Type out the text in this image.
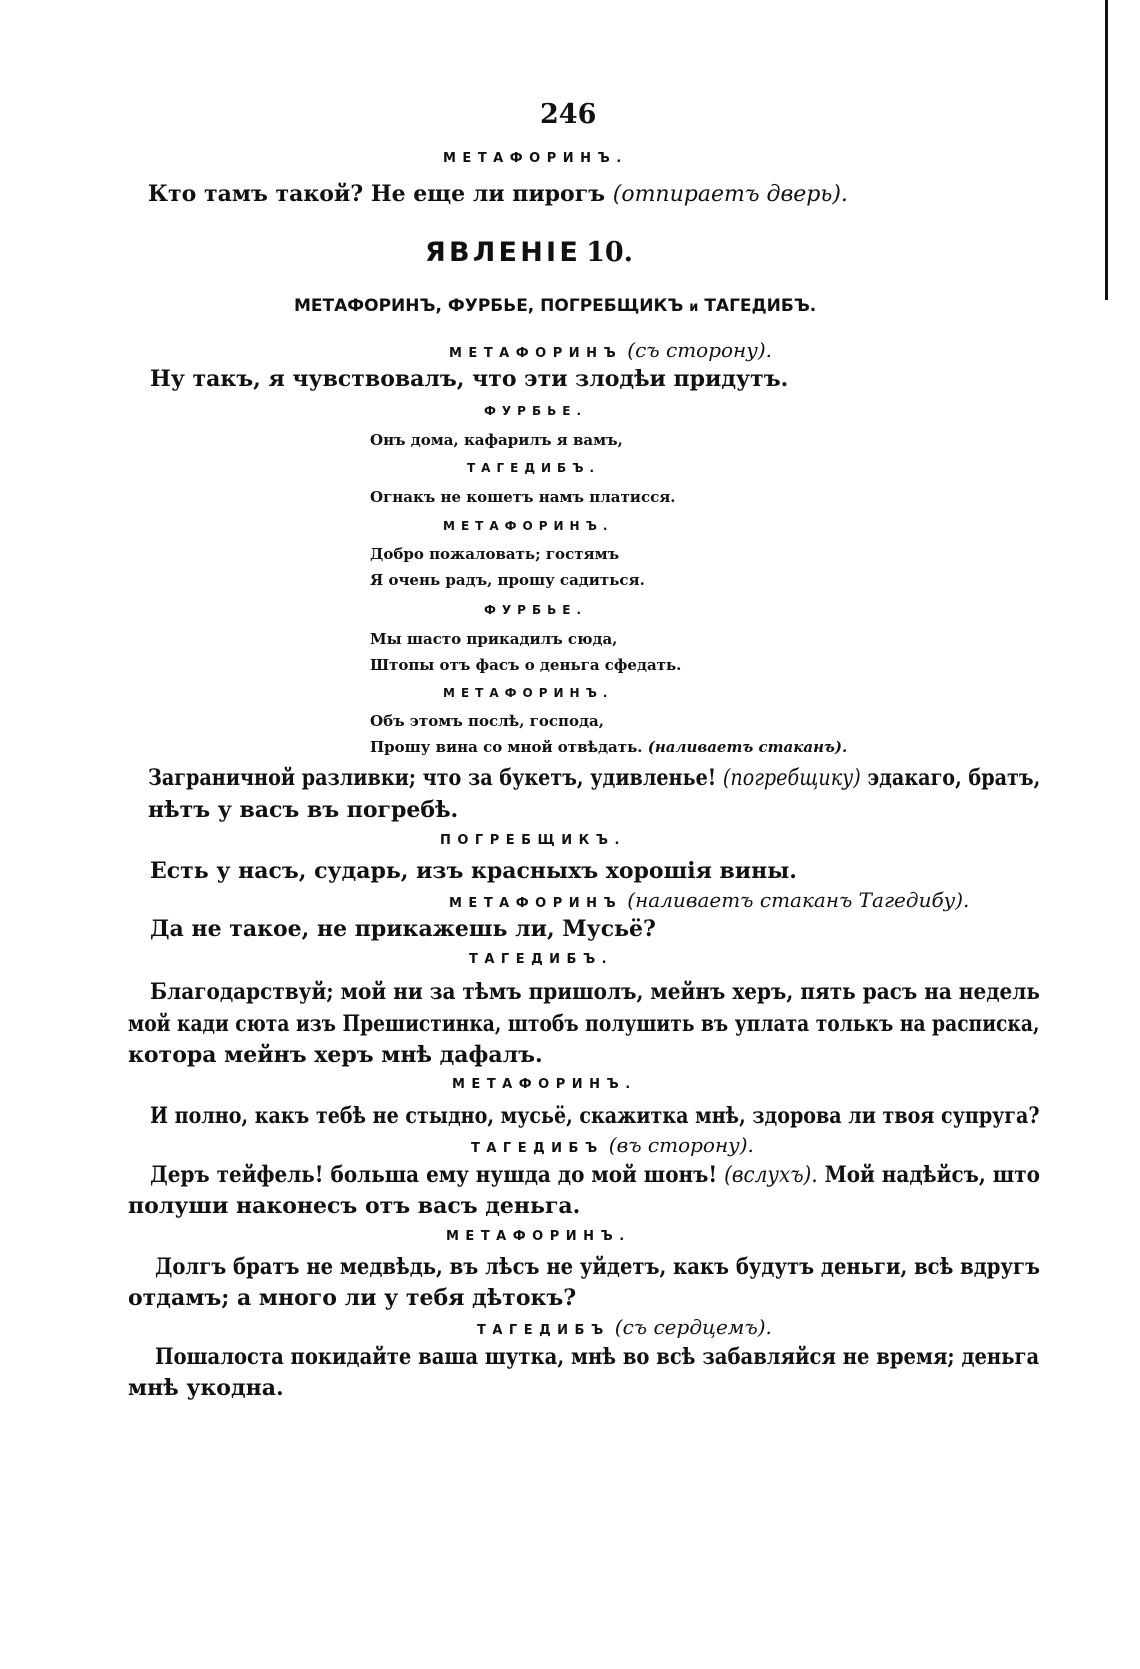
246
МЕТАФОРИНЪ.
Кто тамъ такой? Не еще ли пирогъ (отпираетъ дверь).
ЯВЛЕНІЕ 10.
МЕТАФОРИНЪ, ФУРБЬЕ, ПОГРЕБЩИКЪ и ТАГЕДИБЪ.
МЕТАФОРИНЪ (съ сторону).
Ну такъ, я чувствовалъ, что эти злодѣи придутъ.
ФУРБЬЕ.
Онъ дома, кафарилъ я вамъ,
ТАГЕДИБЪ.
Огнакъ не кошетъ намъ платисся.
МЕТАФОРИНЪ.
Добро пожаловать; гостямъ
Я очень радъ, прошу садиться.
ФУРБЬЕ.
Мы шасто прикадилъ сюда,
Штопы отъ фасъ о деньга сфедать.
МЕТАФОРИНЪ.
Объ этомъ послѣ, господа,
Прошу вина со мной отвѣдать. (наливаетъ стаканъ).
Заграничной разливки; что за букетъ, удивленье! (погребщику) эдакаго, братъ,
нѣтъ у васъ въ погребѣ.
ПОГРЕБЩИКЪ.
Есть у насъ, сударь, изъ красныхъ хорошія вины.
МЕТАФОРИНЪ (наливаетъ стаканъ Тагедибу).
Да не такое, не прикажешь ли, Мусьё?
ТАГЕДИБЪ.
Благодарствуй; мой ни за тѣмъ пришолъ, мейнъ херъ, пять расъ на недель
мой кади сюта изъ Прешистинка, штобъ полушить въ уплата толькъ на расписка,
котора мейнъ херъ мнѣ дафалъ.
МЕТАФОРИНЪ.
И полно, какъ тебѣ не стыдно, мусьё, скажитка мнѣ, здорова ли твоя супруга?
ТАГЕДИБЪ (въ сторону).
Деръ тейфель! больша ему нушда до мой шонъ! (вслухъ). Мой надѣйсъ, што
полуши наконесъ отъ васъ деньга.
МЕТАФОРИНЪ.
Долгъ братъ не медвѣдь, въ лѣсъ не уйдетъ, какъ будутъ деньги, всѣ вдругъ
отдамъ; а много ли у тебя дѣтокъ?
ТАГЕДИБЪ (съ сердцемъ).
Пошалоста покидайте ваша шутка, мнѣ во всѣ забавляйся не время; деньга
мнѣ укодна.
